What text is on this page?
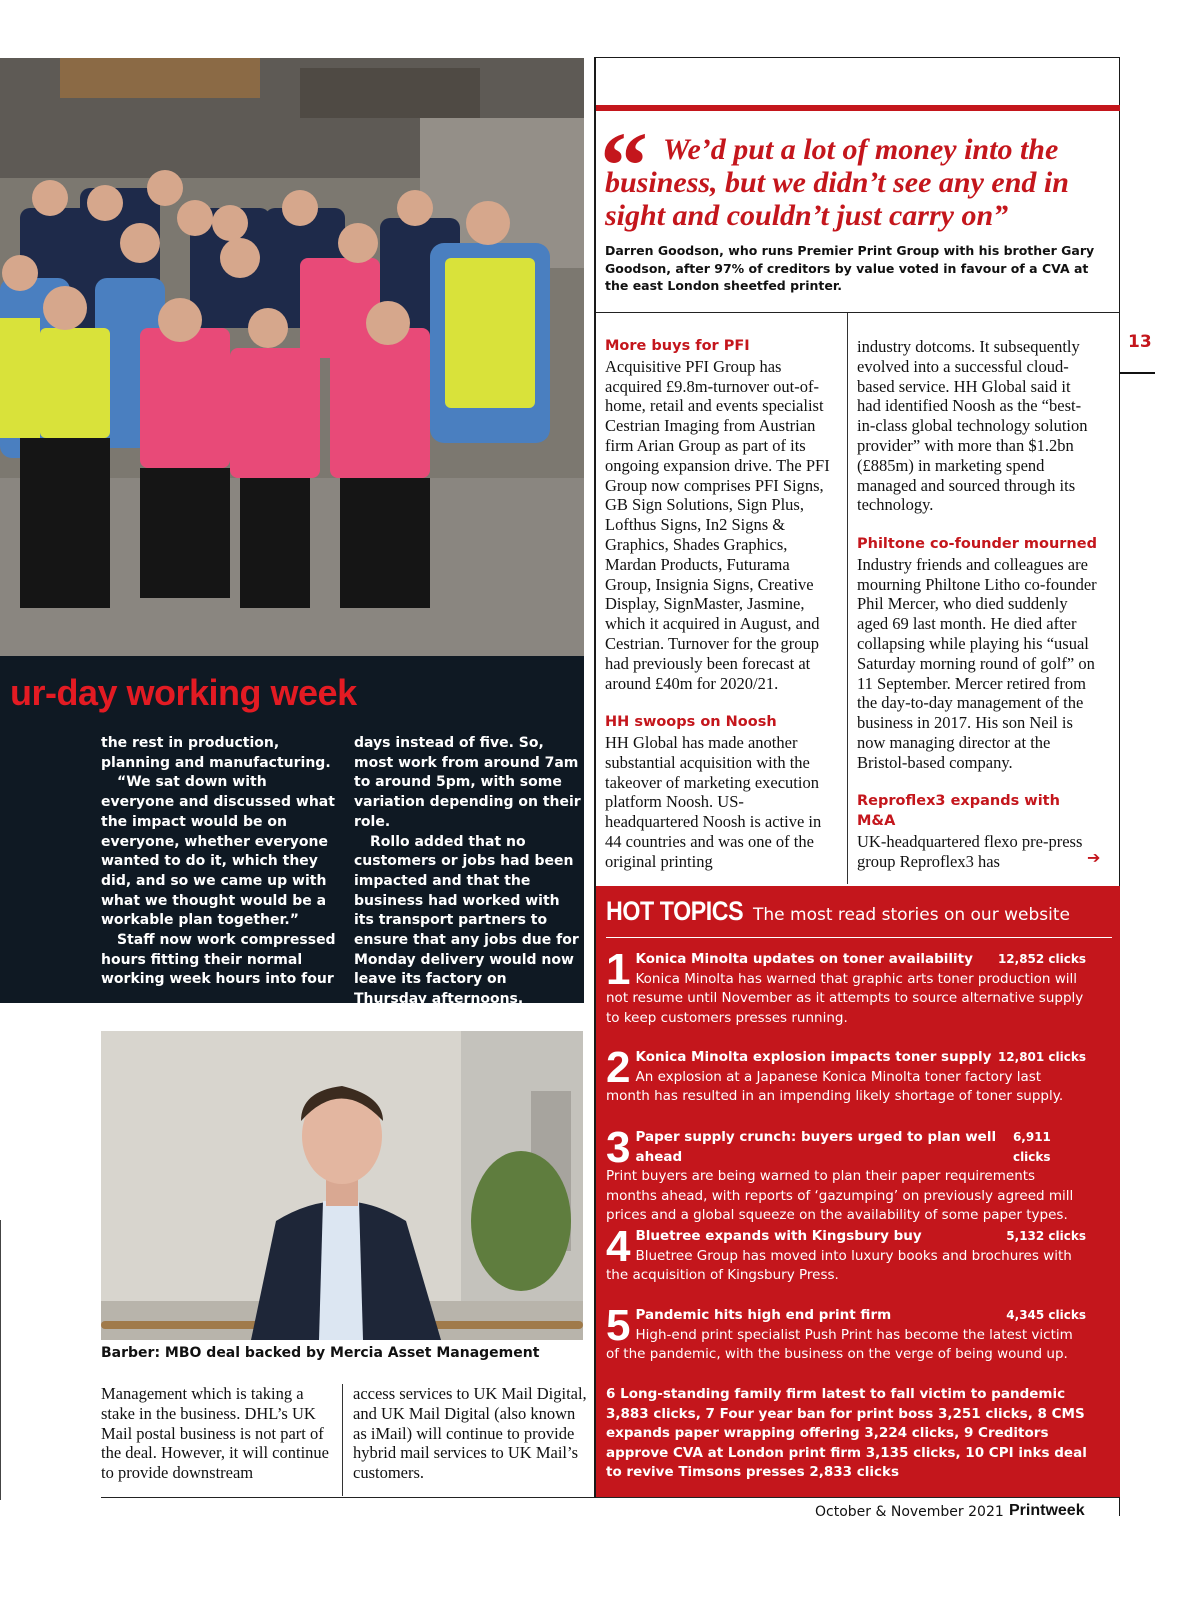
ur-day working week

the rest in production, planning and manufacturing.

“We sat down with everyone and discussed what the impact would be on everyone, whether everyone wanted to do it, which they did, and so we came up with what we thought would be a workable plan together.”

Staff now work compressed hours fitting their normal working week hours into four

days instead of five. So, most work from around 7am to around 5pm, with some variation depending on their role.

Rollo added that no customers or jobs had been impacted and that the business had worked with its transport partners to ensure that any jobs due for Monday delivery would now leave its factory on Thursday afternoons.

Barber: MBO deal backed by Mercia Asset Management
Management which is taking a stake in the business. DHL’s UK Mail postal business is not part of the deal. However, it will continue to provide downstream
access services to UK Mail Digital, and UK Mail Digital (also known as iMail) will continue to provide hybrid mail services to UK Mail’s customers.
“ We’d put a lot of money into the business, but we didn’t see any end in sight and couldn’t just carry on”
Darren Goodson, who runs Premier Print Group with his brother Gary Goodson, after 97% of creditors by value voted in favour of a CVA at the east London sheetfed printer.
More buys for PFI
Acquisitive PFI Group has acquired £9.8m-turnover out-of-home, retail and events specialist Cestrian Imaging from Austrian firm Arian Group as part of its ongoing expansion drive. The PFI Group now comprises PFI Signs, GB Sign Solutions, Sign Plus, Lofthus Signs, In2 Signs & Graphics, Shades Graphics, Mardan Products, Futurama Group, Insignia Signs, Creative Display, SignMaster, Jasmine, which it acquired in August, and Cestrian. Turnover for the group had previously been forecast at around £40m for 2020/21.
HH swoops on Noosh
HH Global has made another substantial acquisition with the takeover of marketing execution platform Noosh. US-headquartered Noosh is active in 44 countries and was one of the original printing
industry dotcoms. It subsequently evolved into a successful cloud-based service. HH Global said it had identified Noosh as the “best-in-class global technology solution provider” with more than $1.2bn (£885m) in marketing spend managed and sourced through its technology.
Philtone co-founder mourned
Industry friends and colleagues are mourning Philtone Litho co-founder Phil Mercer, who died suddenly aged 69 last month. He died after collapsing while playing his “usual Saturday morning round of golf” on 11 September. Mercer retired from the day-to-day management of the business in 2017. His son Neil is now managing director at the Bristol-based company.
Reproflex3 expands with M&A
UK-headquartered flexo pre-press group Reproflex3 has	➔
13
HOT TOPICS The most read stories on our website
1 Konica Minolta updates on toner availability 12,852 clicks
Konica Minolta has warned that graphic arts toner production will not resume until November as it attempts to source alternative supply to keep customers presses running.
2 Konica Minolta explosion impacts toner supply 12,801 clicks
An explosion at a Japanese Konica Minolta toner factory last month has resulted in an impending likely shortage of toner supply.
3 Paper supply crunch: buyers urged to plan well ahead
6,911 clicks
Print buyers are being warned to plan their paper requirements months ahead, with reports of ‘gazumping’ on previously agreed mill prices and a global squeeze on the availability of some paper types.
4 Bluetree expands with Kingsbury buy	5,132 clicks
Bluetree Group has moved into luxury books and brochures with the acquisition of Kingsbury Press.
5 Pandemic hits high end print firm	4,345 clicks
High-end print specialist Push Print has become the latest victim of the pandemic, with the business on the verge of being wound up.
6 Long-standing family firm latest to fall victim to pandemic 3,883 clicks, 7 Four year ban for print boss 3,251 clicks, 8 CMS expands paper wrapping offering 3,224 clicks, 9 Creditors approve CVA at London print firm 3,135 clicks, 10 CPI inks deal to revive Timsons presses 2,833 clicks
October & November 2021 Printweek
